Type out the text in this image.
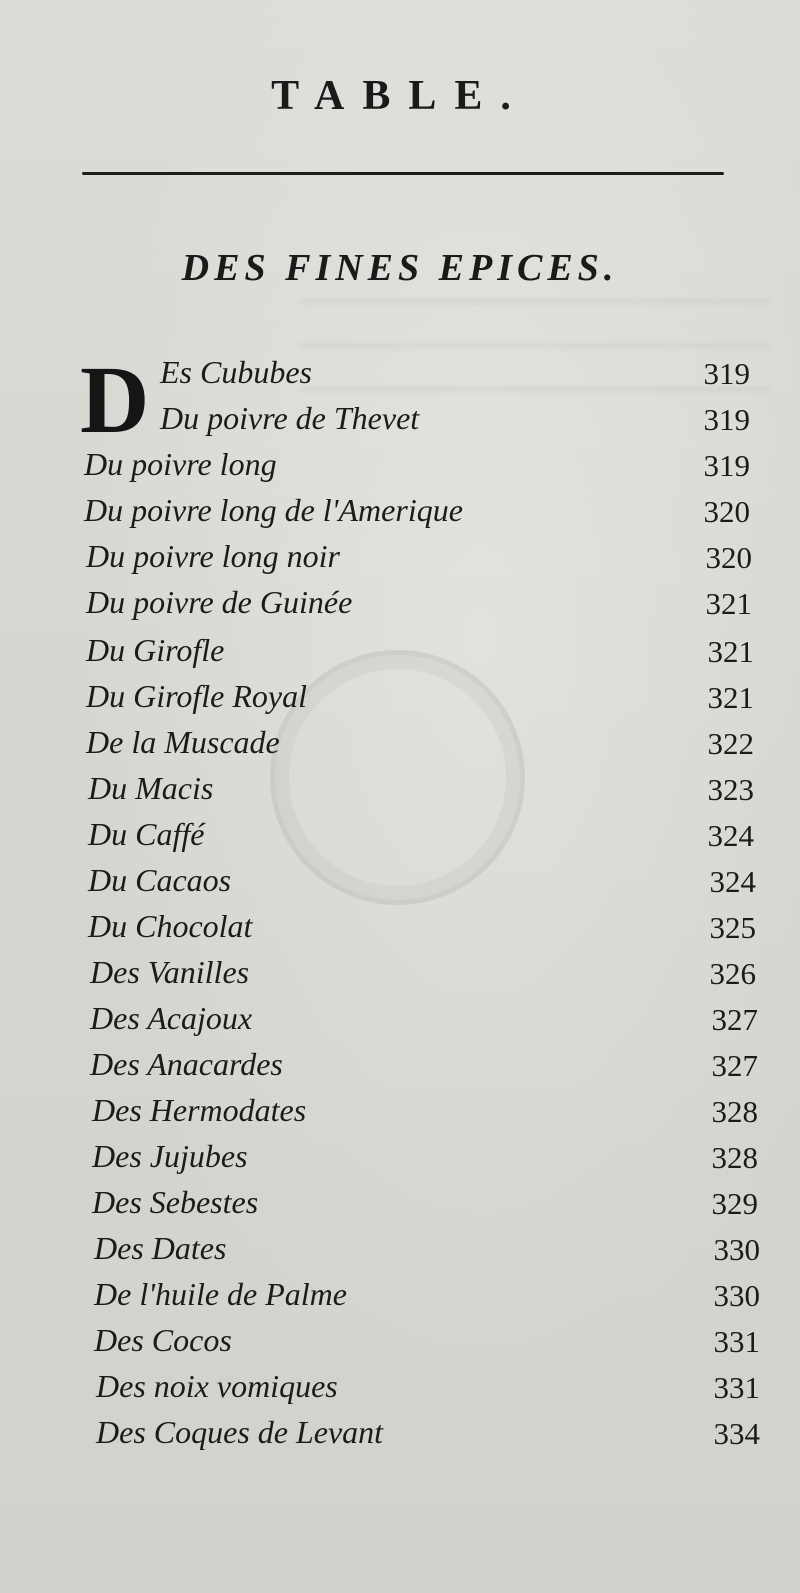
TABLE.
DES FINES EPICES.
D Es Cububes	319
Du poivre de Thevet	319
Du poivre long	319
Du poivre long de l'Amerique	320
Du poivre long noir	320
Du poivre de Guinée	321
Du Girofle	321
Du Girofle Royal	321
De la Muscade	322
Du Macis	323
Du Caffé	324
Du Cacaos	324
Du Chocolat	325
Des Vanilles	326
Des Acajoux	327
Des Anacardes	327
Des Hermodates	328
Des Jujubes	328
Des Sebestes	329
Des Dates	330
De l'huile de Palme	330
Des Cocos	331
Des noix vomiques	331
Des Coques de Levant	334
